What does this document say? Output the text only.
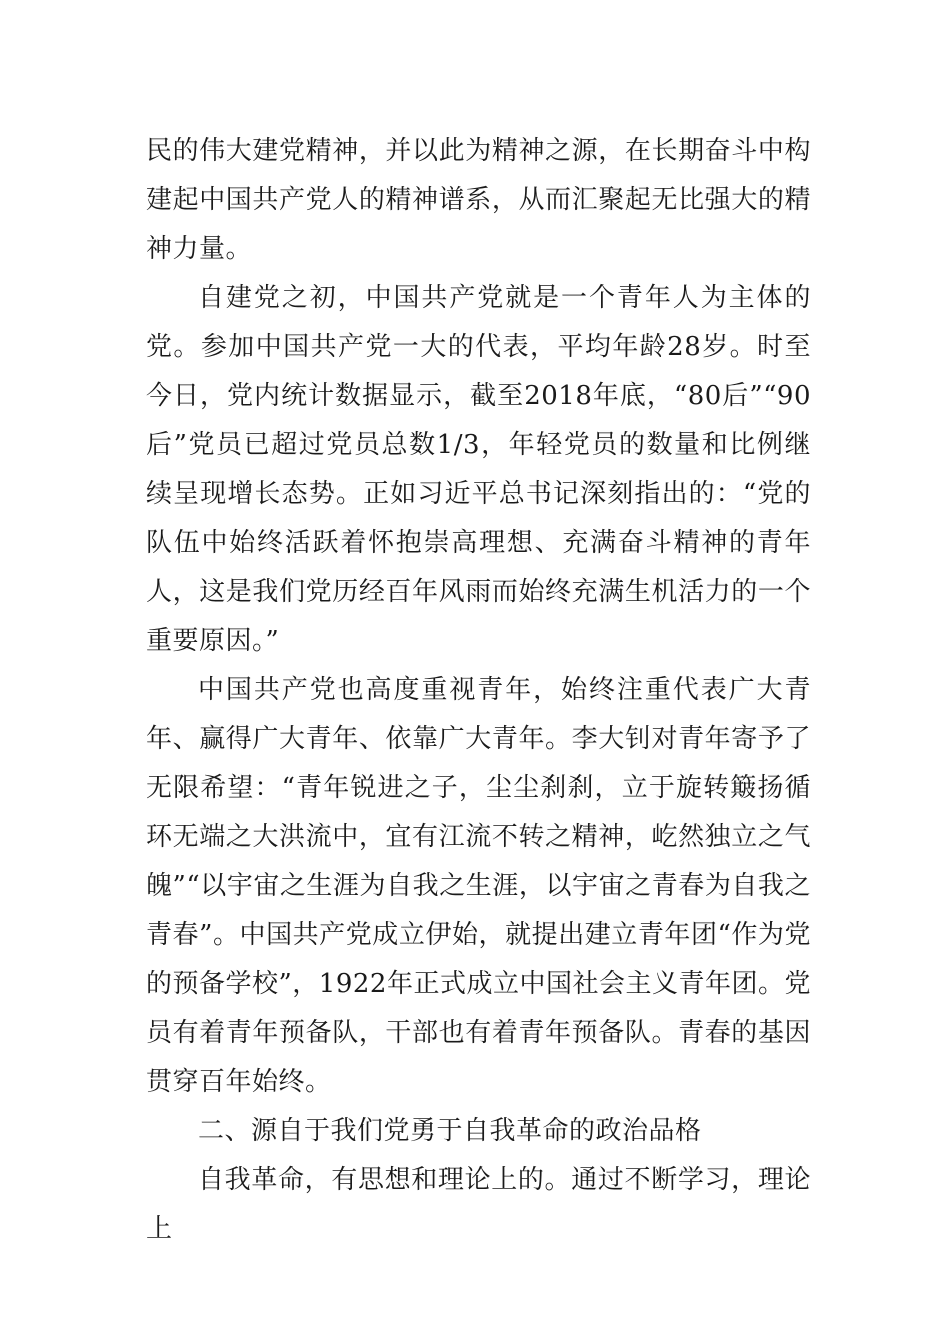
民的伟大建党精神，并以此为精神之源，在长期奋斗中构建起中国共产党人的精神谱系，从而汇聚起无比强大的精神力量。

自建党之初，中国共产党就是一个青年人为主体的党。参加中国共产党一大的代表，平均年龄28岁。时至今日，党内统计数据显示，截至2018年底，“80后”“90后”党员已超过党员总数1/3，年轻党员的数量和比例继续呈现增长态势。正如习近平总书记深刻指出的：“党的队伍中始终活跃着怀抱崇高理想、充满奋斗精神的青年人，这是我们党历经百年风雨而始终充满生机活力的一个重要原因。”

中国共产党也高度重视青年，始终注重代表广大青年、赢得广大青年、依靠广大青年。李大钊对青年寄予了无限希望：“青年锐进之子，尘尘刹刹，立于旋转簸扬循环无端之大洪流中，宜有江流不转之精神，屹然独立之气魄”“以宇宙之生涯为自我之生涯，以宇宙之青春为自我之青春”。中国共产党成立伊始，就提出建立青年团“作为党的预备学校”，1922年正式成立中国社会主义青年团。党员有着青年预备队，干部也有着青年预备队。青春的基因贯穿百年始终。

二、源自于我们党勇于自我革命的政治品格

自我革命，有思想和理论上的。通过不断学习，理论上
